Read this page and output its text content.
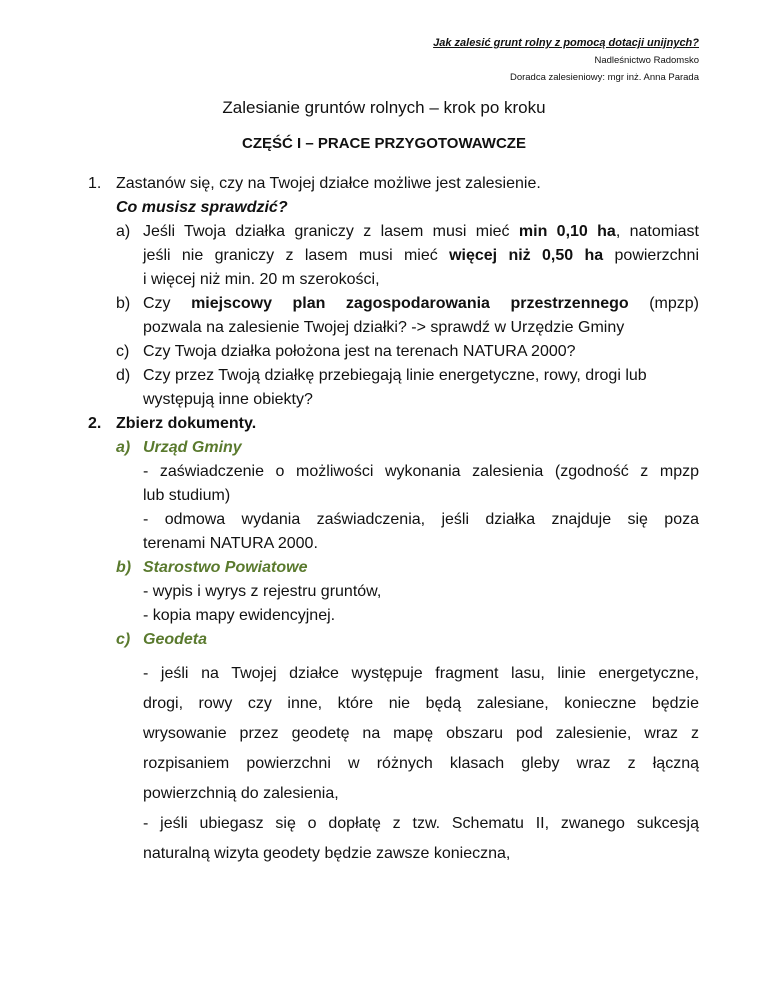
Jak zalesić grunt rolny z pomocą dotacji unijnych?
Nadleśnictwo Radomsko
Doradca zalesieniowy: mgr inż. Anna Parada
Zalesianie gruntów rolnych – krok po kroku
CZĘŚĆ I – PRACE PRZYGOTOWAWCZE
1. Zastanów się, czy na Twojej działce możliwe jest zalesienie.
Co musisz sprawdzić?
a) Jeśli Twoja działka graniczy z lasem musi mieć min 0,10 ha, natomiast
jeśli nie graniczy z lasem musi mieć więcej niż 0,50 ha powierzchni
i więcej niż min. 20 m szerokości,
b) Czy miejscowy plan zagospodarowania przestrzennego (mpzp)
pozwala na zalesienie Twojej działki? -> sprawdź w Urzędzie Gminy
c) Czy Twoja działka położona jest na terenach NATURA 2000?
d) Czy przez Twoją działkę przebiegają linie energetyczne, rowy, drogi lub
występują inne obiekty?
2. Zbierz dokumenty.
a) Urząd Gminy
- zaświadczenie o możliwości wykonania zalesienia (zgodność z mpzp
lub studium)
- odmowa wydania zaświadczenia, jeśli działka znajduje się poza
terenami NATURA 2000.
b) Starostwo Powiatowe
- wypis i wyrys z rejestru gruntów,
- kopia mapy ewidencyjnej.
c) Geodeta
- jeśli na Twojej działce występuje fragment lasu, linie energetyczne,
drogi, rowy czy inne, które nie będą zalesiane, konieczne będzie
wrysowanie przez geodetę na mapę obszaru pod zalesienie, wraz z
rozpisaniem powierzchni w różnych klasach gleby wraz z łączną
powierzchnią do zalesienia,
- jeśli ubiegasz się o dopłatę z tzw. Schematu II, zwanego sukcesją
naturalną wizyta geodety będzie zawsze konieczna,
